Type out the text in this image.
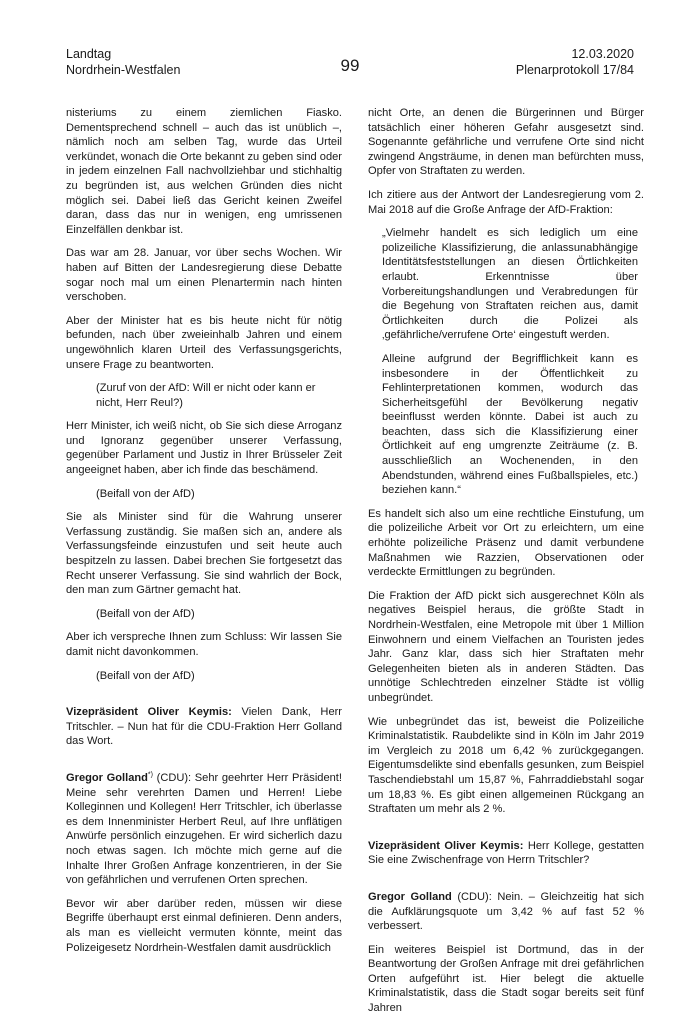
Landtag
Nordrhein-Westfalen	99
12.03.2020
Plenarprotokoll 17/84

nisteriums zu einem ziemlichen Fiasko. Dementsprechend schnell – auch das ist unüblich –, nämlich noch am selben Tag, wurde das Urteil verkündet, wonach die Orte bekannt zu geben sind oder in jedem einzelnen Fall nachvollziehbar und stichhaltig zu begründen ist, aus welchen Gründen dies nicht möglich sei. Dabei ließ das Gericht keinen Zweifel daran, dass das nur in wenigen, eng umrissenen Einzelfällen denkbar ist.

Das war am 28. Januar, vor über sechs Wochen. Wir haben auf Bitten der Landesregierung diese Debatte sogar noch mal um einen Plenartermin nach hinten verschoben.

Aber der Minister hat es bis heute nicht für nötig befunden, nach über zweieinhalb Jahren und einem ungewöhnlich klaren Urteil des Verfassungsgerichts, unsere Frage zu beantworten.

(Zuruf von der AfD: Will er nicht oder kann er nicht, Herr Reul?)

Herr Minister, ich weiß nicht, ob Sie sich diese Arroganz und Ignoranz gegenüber unserer Verfassung, gegenüber Parlament und Justiz in Ihrer Brüsseler Zeit angeeignet haben, aber ich finde das beschämend.

(Beifall von der AfD)

Sie als Minister sind für die Wahrung unserer Verfassung zuständig. Sie maßen sich an, andere als Verfassungsfeinde einzustufen und seit heute auch bespitzeln zu lassen. Dabei brechen Sie fortgesetzt das Recht unserer Verfassung. Sie sind wahrlich der Bock, den man zum Gärtner gemacht hat.

(Beifall von der AfD)

Aber ich verspreche Ihnen zum Schluss: Wir lassen Sie damit nicht davonkommen.

(Beifall von der AfD)

Vizepräsident Oliver Keymis: Vielen Dank, Herr Tritschler. – Nun hat für die CDU-Fraktion Herr Golland das Wort.

Gregor Golland*) (CDU): Sehr geehrter Herr Präsident! Meine sehr verehrten Damen und Herren! Liebe Kolleginnen und Kollegen! Herr Tritschler, ich überlasse es dem Innenminister Herbert Reul, auf Ihre unflätigen Anwürfe persönlich einzugehen. Er wird sicherlich dazu noch etwas sagen. Ich möchte mich gerne auf die Inhalte Ihrer Großen Anfrage konzentrieren, in der Sie von gefährlichen und verrufenen Orten sprechen.

Bevor wir aber darüber reden, müssen wir diese Begriffe überhaupt erst einmal definieren. Denn anders, als man es vielleicht vermuten könnte, meint das Polizeigesetz Nordrhein-Westfalen damit ausdrücklich

nicht Orte, an denen die Bürgerinnen und Bürger tatsächlich einer höheren Gefahr ausgesetzt sind. Sogenannte gefährliche und verrufene Orte sind nicht zwingend Angsträume, in denen man befürchten muss, Opfer von Straftaten zu werden.

Ich zitiere aus der Antwort der Landesregierung vom 2. Mai 2018 auf die Große Anfrage der AfD-Fraktion:

„Vielmehr handelt es sich lediglich um eine polizeiliche Klassifizierung, die anlassunabhängige Identitätsfeststellungen an diesen Örtlichkeiten erlaubt. Erkenntnisse über Vorbereitungshandlungen und Verabredungen für die Begehung von Straftaten reichen aus, damit Örtlichkeiten durch die Polizei als ‚gefährliche/verrufene Orte‘ eingestuft werden.

Alleine aufgrund der Begrifflichkeit kann es insbesondere in der Öffentlichkeit zu Fehlinterpretationen kommen, wodurch das Sicherheitsgefühl der Bevölkerung negativ beeinflusst werden könnte. Dabei ist auch zu beachten, dass sich die Klassifizierung einer Örtlichkeit auf eng umgrenzte Zeiträume (z. B. ausschließlich an Wochenenden, in den Abendstunden, während eines Fußballspieles, etc.) beziehen kann.“

Es handelt sich also um eine rechtliche Einstufung, um die polizeiliche Arbeit vor Ort zu erleichtern, um eine erhöhte polizeiliche Präsenz und damit verbundene Maßnahmen wie Razzien, Observationen oder verdeckte Ermittlungen zu begründen.

Die Fraktion der AfD pickt sich ausgerechnet Köln als negatives Beispiel heraus, die größte Stadt in Nordrhein-Westfalen, eine Metropole mit über 1 Million Einwohnern und einem Vielfachen an Touristen jedes Jahr. Ganz klar, dass sich hier Straftaten mehr Gelegenheiten bieten als in anderen Städten. Das unnötige Schlechtreden einzelner Städte ist völlig unbegründet.

Wie unbegründet das ist, beweist die Polizeiliche Kriminalstatistik. Raubdelikte sind in Köln im Jahr 2019 im Vergleich zu 2018 um 6,42 % zurückgegangen. Eigentumsdelikte sind ebenfalls gesunken, zum Beispiel Taschendiebstahl um 15,87 %, Fahrraddiebstahl sogar um 18,83 %. Es gibt einen allgemeinen Rückgang an Straftaten um mehr als 2 %.

Vizepräsident Oliver Keymis: Herr Kollege, gestatten Sie eine Zwischenfrage von Herrn Tritschler?

Gregor Golland (CDU): Nein. – Gleichzeitig hat sich die Aufklärungsquote um 3,42 % auf fast 52 % verbessert.

Ein weiteres Beispiel ist Dortmund, das in der Beantwortung der Großen Anfrage mit drei gefährlichen Orten aufgeführt ist. Hier belegt die aktuelle Kriminalstatistik, dass die Stadt sogar bereits seit fünf Jahren
